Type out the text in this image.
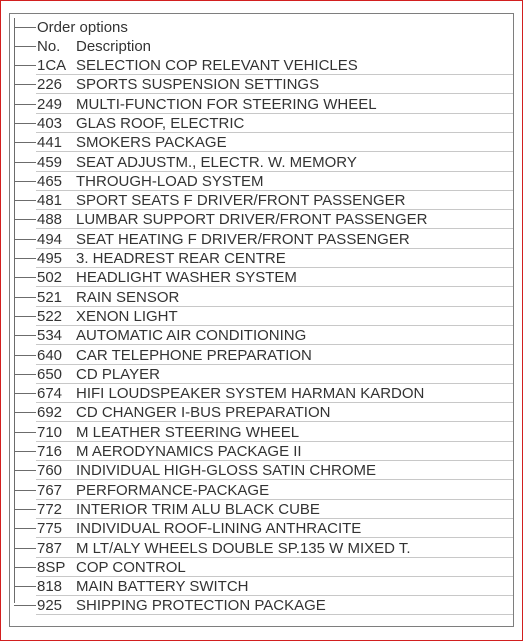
Order options
No.	Description
1CA SELECTION COP RELEVANT VEHICLES
226 SPORTS SUSPENSION SETTINGS
249 MULTI-FUNCTION FOR STEERING WHEEL
403 GLAS ROOF, ELECTRIC
441 SMOKERS PACKAGE
459 SEAT ADJUSTM., ELECTR. W. MEMORY
465 THROUGH-LOAD SYSTEM
481 SPORT SEATS F DRIVER/FRONT PASSENGER
488 LUMBAR SUPPORT DRIVER/FRONT PASSENGER
494 SEAT HEATING F DRIVER/FRONT PASSENGER
495 3. HEADREST REAR CENTRE
502 HEADLIGHT WASHER SYSTEM
521 RAIN SENSOR
522 XENON LIGHT
534 AUTOMATIC AIR CONDITIONING
640 CAR TELEPHONE PREPARATION
650 CD PLAYER
674 HIFI LOUDSPEAKER SYSTEM HARMAN KARDON
692 CD CHANGER I-BUS PREPARATION
710 M LEATHER STEERING WHEEL
716 M AERODYNAMICS PACKAGE II
760 INDIVIDUAL HIGH-GLOSS SATIN CHROME
767 PERFORMANCE-PACKAGE
772 INTERIOR TRIM ALU BLACK CUBE
775 INDIVIDUAL ROOF-LINING ANTHRACITE
787 M LT/ALY WHEELS DOUBLE SP.135 W MIXED T.
8SP COP CONTROL
818 MAIN BATTERY SWITCH
925 SHIPPING PROTECTION PACKAGE
